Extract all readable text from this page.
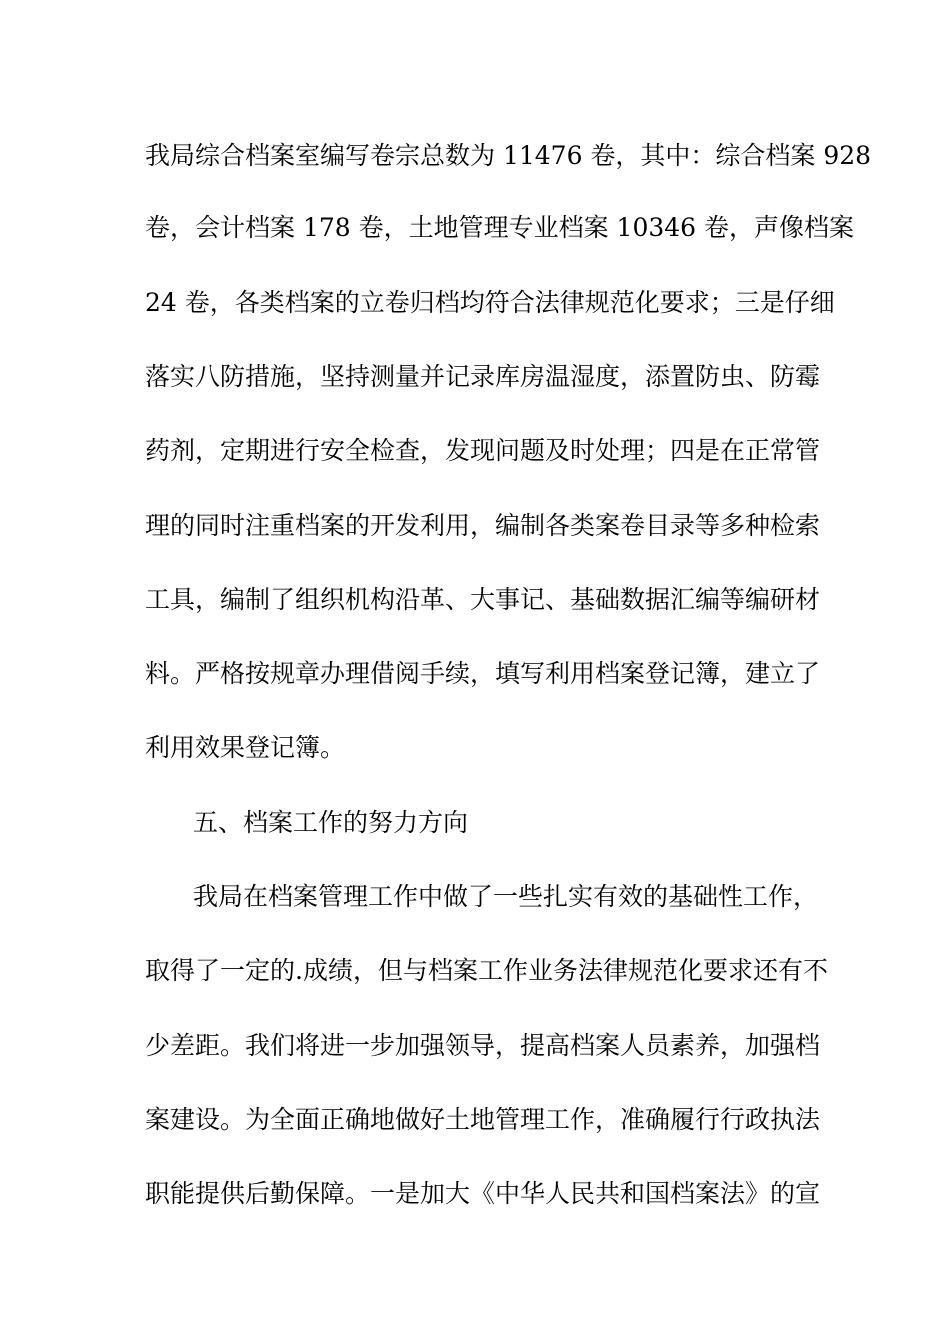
我局综合档案室编写卷宗总数为 11476 卷，其中：综合档案 928
卷，会计档案 178 卷，土地管理专业档案 10346 卷，声像档案
24 卷，各类档案的立卷归档均符合法律规范化要求；三是仔细
落实八防措施，坚持测量并记录库房温湿度，添置防虫、防霉
药剂，定期进行安全检查，发现问题及时处理；四是在正常管
理的同时注重档案的开发利用，编制各类案卷目录等多种检索
工具，编制了组织机构沿革、大事记、基础数据汇编等编研材
料。严格按规章办理借阅手续，填写利用档案登记簿，建立了
利用效果登记簿。
五、档案工作的努力方向
我局在档案管理工作中做了一些扎实有效的基础性工作，
取得了一定的.成绩，但与档案工作业务法律规范化要求还有不
少差距。我们将进一步加强领导，提高档案人员素养，加强档
案建设。为全面正确地做好土地管理工作，准确履行行政执法
职能提供后勤保障。一是加大《中华人民共和国档案法》的宣
